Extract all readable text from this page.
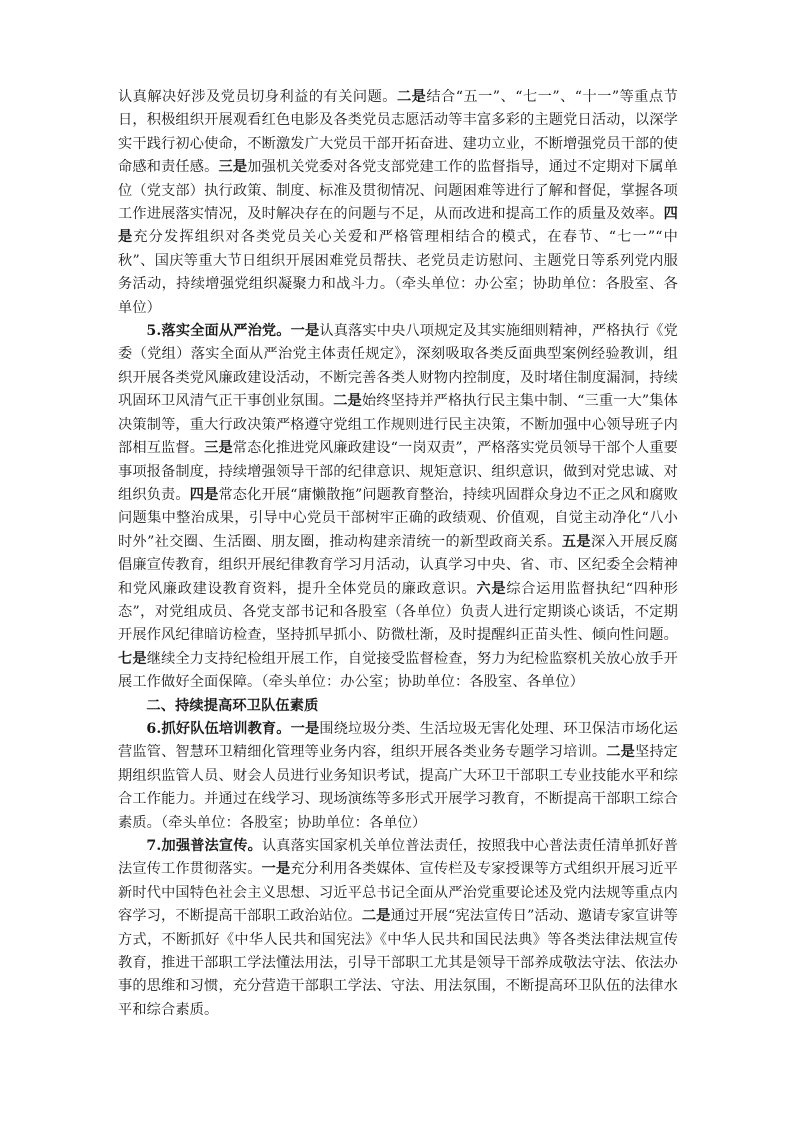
认真解决好涉及党员切身利益的有关问题。二是结合“五一”、“七一”、“十一”等重点节日，积极组织开展观看红色电影及各类党员志愿活动等丰富多彩的主题党日活动，以深学实干践行初心使命，不断激发广大党员干部开拓奋进、建功立业，不断增强党员干部的使命感和责任感。三是加强机关党委对各党支部党建工作的监督指导，通过不定期对下属单位（党支部）执行政策、制度、标准及贯彻情况、问题困难等进行了解和督促，掌握各项工作进展落实情况，及时解决存在的问题与不足，从而改进和提高工作的质量及效率。四是充分发挥组织对各类党员关心关爱和严格管理相结合的模式，在春节、“七一”“中秋”、国庆等重大节日组织开展困难党员帮扶、老党员走访慰问、主题党日等系列党内服务活动，持续增强党组织凝聚力和战斗力。（牵头单位：办公室；协助单位：各股室、各单位）

5.落实全面从严治党。一是认真落实中央八项规定及其实施细则精神，严格执行《党委（党组）落实全面从严治党主体责任规定》，深刻吸取各类反面典型案例经验教训，组织开展各类党风廉政建设活动，不断完善各类人财物内控制度，及时堵住制度漏洞，持续巩固环卫风清气正干事创业氛围。二是始终坚持并严格执行民主集中制、“三重一大”集体决策制等，重大行政决策严格遵守党组工作规则进行民主决策，不断加强中心领导班子内部相互监督。三是常态化推进党风廉政建设“一岗双责”，严格落实党员领导干部个人重要事项报备制度，持续增强领导干部的纪律意识、规矩意识、组织意识，做到对党忠诚、对组织负责。四是常态化开展“庸懒散拖”问题教育整治，持续巩固群众身边不正之风和腐败问题集中整治成果，引导中心党员干部树牢正确的政绩观、价值观，自觉主动净化“八小时外”社交圈、生活圈、朋友圈，推动构建亲清统一的新型政商关系。五是深入开展反腐倡廉宣传教育，组织开展纪律教育学习月活动，认真学习中央、省、市、区纪委全会精神和党风廉政建设教育资料，提升全体党员的廉政意识。六是综合运用监督执纪“四种形态”，对党组成员、各党支部书记和各股室（各单位）负责人进行定期谈心谈话，不定期开展作风纪律暗访检查，坚持抓早抓小、防微杜渐，及时提醒纠正苗头性、倾向性问题。七是继续全力支持纪检组开展工作，自觉接受监督检查，努力为纪检监察机关放心放手开展工作做好全面保障。（牵头单位：办公室；协助单位：各股室、各单位）

二、持续提高环卫队伍素质

6.抓好队伍培训教育。一是围绕垃圾分类、生活垃圾无害化处理、环卫保洁市场化运营监管、智慧环卫精细化管理等业务内容，组织开展各类业务专题学习培训。二是坚持定期组织监管人员、财会人员进行业务知识考试，提高广大环卫干部职工专业技能水平和综合工作能力。并通过在线学习、现场演练等多形式开展学习教育，不断提高干部职工综合素质。（牵头单位：各股室；协助单位：各单位）

7.加强普法宣传。认真落实国家机关单位普法责任，按照我中心普法责任清单抓好普法宣传工作贯彻落实。一是充分利用各类媒体、宣传栏及专家授课等方式组织开展习近平新时代中国特色社会主义思想、习近平总书记全面从严治党重要论述及党内法规等重点内容学习，不断提高干部职工政治站位。二是通过开展“宪法宣传日”活动、邀请专家宣讲等方式，不断抓好《中华人民共和国宪法》《中华人民共和国民法典》等各类法律法规宣传教育，推进干部职工学法懂法用法，引导干部职工尤其是领导干部养成敬法守法、依法办事的思维和习惯，充分营造干部职工学法、守法、用法氛围，不断提高环卫队伍的法律水平和综合素质。
